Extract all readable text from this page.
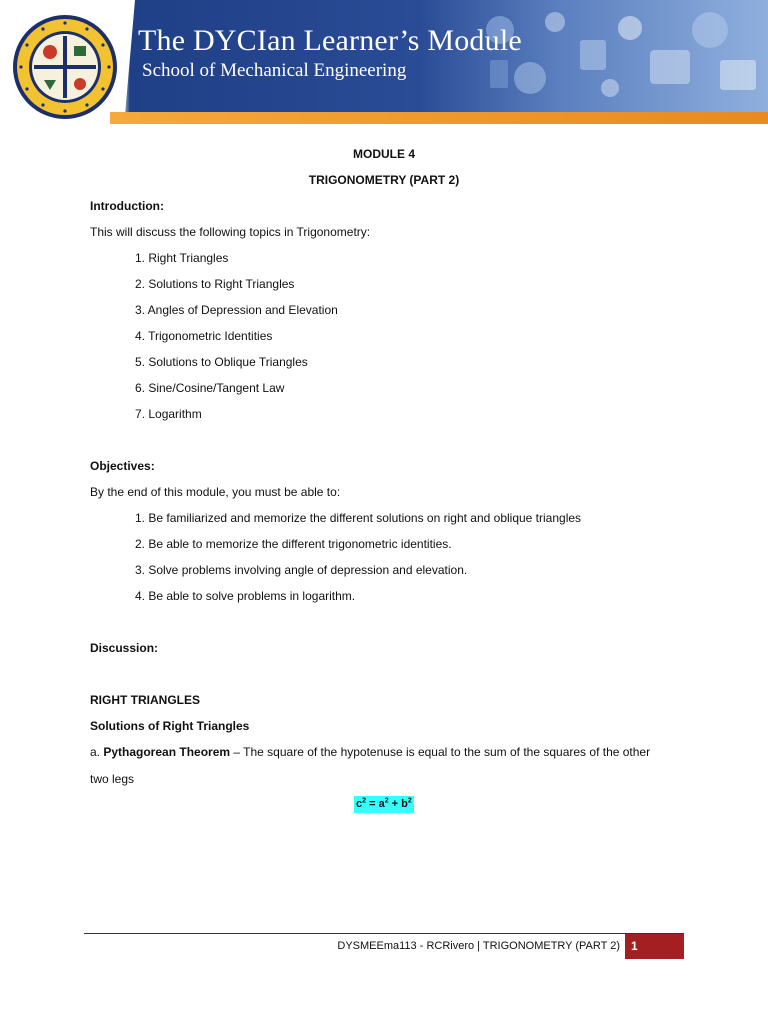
The DYCIan Learner’s Module
School of Mechanical Engineering
MODULE 4
TRIGONOMETRY (PART 2)
Introduction:
This will discuss the following topics in Trigonometry:
1. Right Triangles
2. Solutions to Right Triangles
3. Angles of Depression and Elevation
4. Trigonometric Identities
5. Solutions to Oblique Triangles
6. Sine/Cosine/Tangent Law
7. Logarithm
Objectives:
By the end of this module, you must be able to:
1. Be familiarized and memorize the different solutions on right and oblique triangles
2. Be able to memorize the different trigonometric identities.
3. Solve problems involving angle of depression and elevation.
4. Be able to solve problems in logarithm.
Discussion:
RIGHT TRIANGLES
Solutions of Right Triangles
a. Pythagorean Theorem – The square of the hypotenuse is equal to the sum of the squares of the other
two legs
$c^2 = a^2 + b^2$
DYSMEEma113 - RCRivero | TRIGONOMETRY (PART 2) 1
